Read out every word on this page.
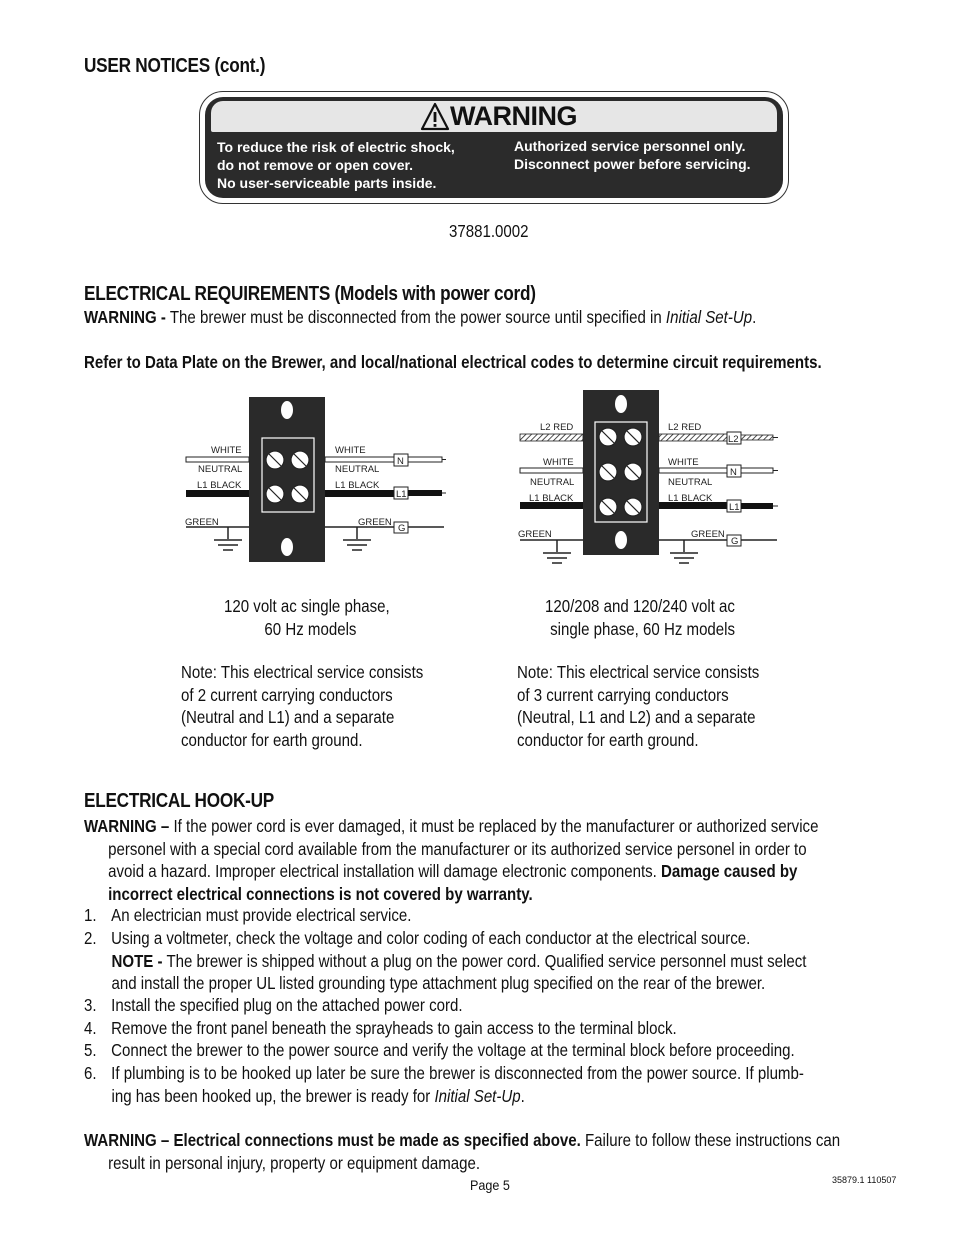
USER NOTICES (cont.)
WARNING
To reduce the risk of electric shock,
do not remove or open cover.
No user-serviceable parts inside.
Authorized service personnel only.
Disconnect power before servicing.
37881.0002
ELECTRICAL REQUIREMENTS (Models with power cord)
WARNING - The brewer must be disconnected from the power source until specified in Initial Set-Up.
Refer to Data Plate on the Brewer, and local/national electrical codes to determine circuit requirements.
WHITE
NEUTRAL
L1 BLACK
GREEN
WHITE
NEUTRAL
L1 BLACK
GREEN
N
L1
G
L2 RED
WHITE
NEUTRAL
L1 BLACK
GREEN
L2 RED
WHITE
NEUTRAL
L1 BLACK
GREEN
L2
N
L1
G
120 volt ac single phase,
60 Hz models
120/208 and 120/240 volt ac
single phase, 60 Hz models
Note: This electrical service consists
of 2 current carrying conductors
(Neutral and L1) and a separate
conductor for earth ground.
Note: This electrical service consists
of 3 current carrying conductors
(Neutral, L1 and L2) and a separate
conductor for earth ground.
ELECTRICAL HOOK-UP
WARNING – If the power cord is ever damaged, it must be replaced by the manufacturer or authorized service
personel with a special cord available from the manufacturer or its authorized service personel in order to
avoid a hazard. Improper electrical installation will damage electronic components. Damage caused by
incorrect electrical connections is not covered by warranty.
1. An electrician must provide electrical service.
2. Using a voltmeter, check the voltage and color coding of each conductor at the electrical source.
NOTE - The brewer is shipped without a plug on the power cord. Qualified service personnel must select
and install the proper UL listed grounding type attachment plug specified on the rear of the brewer.
3. Install the specified plug on the attached power cord.
4. Remove the front panel beneath the sprayheads to gain access to the terminal block.
5. Connect the brewer to the power source and verify the voltage at the terminal block before proceeding.
6. If plumbing is to be hooked up later be sure the brewer is disconnected from the power source. If plumb-
ing has been hooked up, the brewer is ready for Initial Set-Up.
WARNING – Electrical connections must be made as specified above. Failure to follow these instructions can
result in personal injury, property or equipment damage.
Page 5	35879.1 110507
